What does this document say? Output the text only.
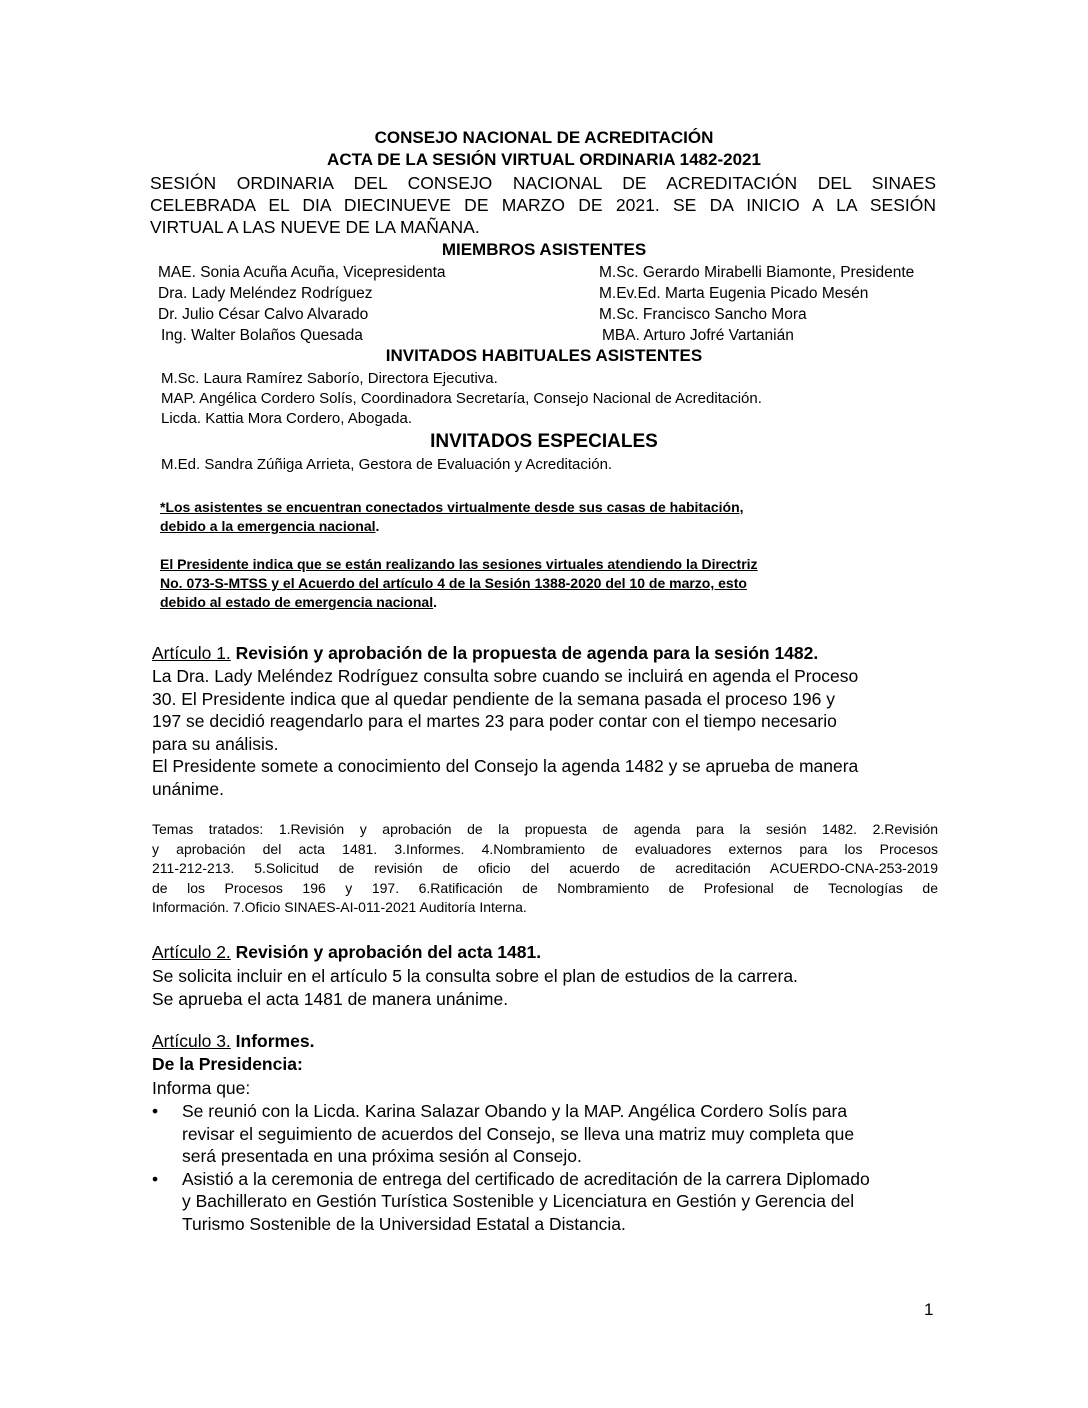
CONSEJO NACIONAL DE ACREDITACIÓN
ACTA DE LA SESIÓN VIRTUAL ORDINARIA 1482-2021
SESIÓN ORDINARIA DEL CONSEJO NACIONAL DE ACREDITACIÓN DEL SINAES
CELEBRADA EL DIA DIECINUEVE DE MARZO DE 2021. SE DA INICIO A LA SESIÓN
VIRTUAL A LAS NUEVE DE LA MAÑANA.
MIEMBROS ASISTENTES
MAE. Sonia Acuña Acuña, Vicepresidenta
Dra. Lady Meléndez Rodríguez
Dr. Julio César Calvo Alvarado
Ing. Walter Bolaños Quesada
M.Sc. Gerardo Mirabelli Biamonte, Presidente
M.Ev.Ed. Marta Eugenia Picado Mesén
M.Sc. Francisco Sancho Mora
MBA. Arturo Jofré Vartanián
INVITADOS HABITUALES ASISTENTES
M.Sc. Laura Ramírez Saborío, Directora Ejecutiva.
MAP. Angélica Cordero Solís, Coordinadora Secretaría, Consejo Nacional de Acreditación.
Licda. Kattia Mora Cordero, Abogada.
INVITADOS ESPECIALES
M.Ed. Sandra Zúñiga Arrieta, Gestora de Evaluación y Acreditación.
*Los asistentes se encuentran conectados virtualmente desde sus casas de habitación,
debido a la emergencia nacional.
El Presidente indica que se están realizando las sesiones virtuales atendiendo la Directriz
No. 073-S-MTSS y el Acuerdo del artículo 4 de la Sesión 1388-2020 del 10 de marzo, esto
debido al estado de emergencia nacional.
Artículo 1. Revisión y aprobación de la propuesta de agenda para la sesión 1482.
La Dra. Lady Meléndez Rodríguez consulta sobre cuando se incluirá en agenda el Proceso
30. El Presidente indica que al quedar pendiente de la semana pasada el proceso 196 y
197 se decidió reagendarlo para el martes 23 para poder contar con el tiempo necesario
para su análisis.
El Presidente somete a conocimiento del Consejo la agenda 1482 y se aprueba de manera
unánime.
Temas tratados: 1.Revisión y aprobación de la propuesta de agenda para la sesión 1482. 2.Revisión
y aprobación del acta 1481. 3.Informes. 4.Nombramiento de evaluadores externos para los Procesos
211-212-213. 5.Solicitud de revisión de oficio del acuerdo de acreditación ACUERDO-CNA-253-2019
de los Procesos 196 y 197. 6.Ratificación de Nombramiento de Profesional de Tecnologías de
Información. 7.Oficio SINAES-AI-011-2021 Auditoría Interna.
Artículo 2. Revisión y aprobación del acta 1481.
Se solicita incluir en el artículo 5 la consulta sobre el plan de estudios de la carrera.
Se aprueba el acta 1481 de manera unánime.
Artículo 3. Informes.
De la Presidencia:
Informa que:
• Se reunió con la Licda. Karina Salazar Obando y la MAP. Angélica Cordero Solís para
revisar el seguimiento de acuerdos del Consejo, se lleva una matriz muy completa que
será presentada en una próxima sesión al Consejo.
• Asistió a la ceremonia de entrega del certificado de acreditación de la carrera Diplomado
y Bachillerato en Gestión Turística Sostenible y Licenciatura en Gestión y Gerencia del
Turismo Sostenible de la Universidad Estatal a Distancia.
1
